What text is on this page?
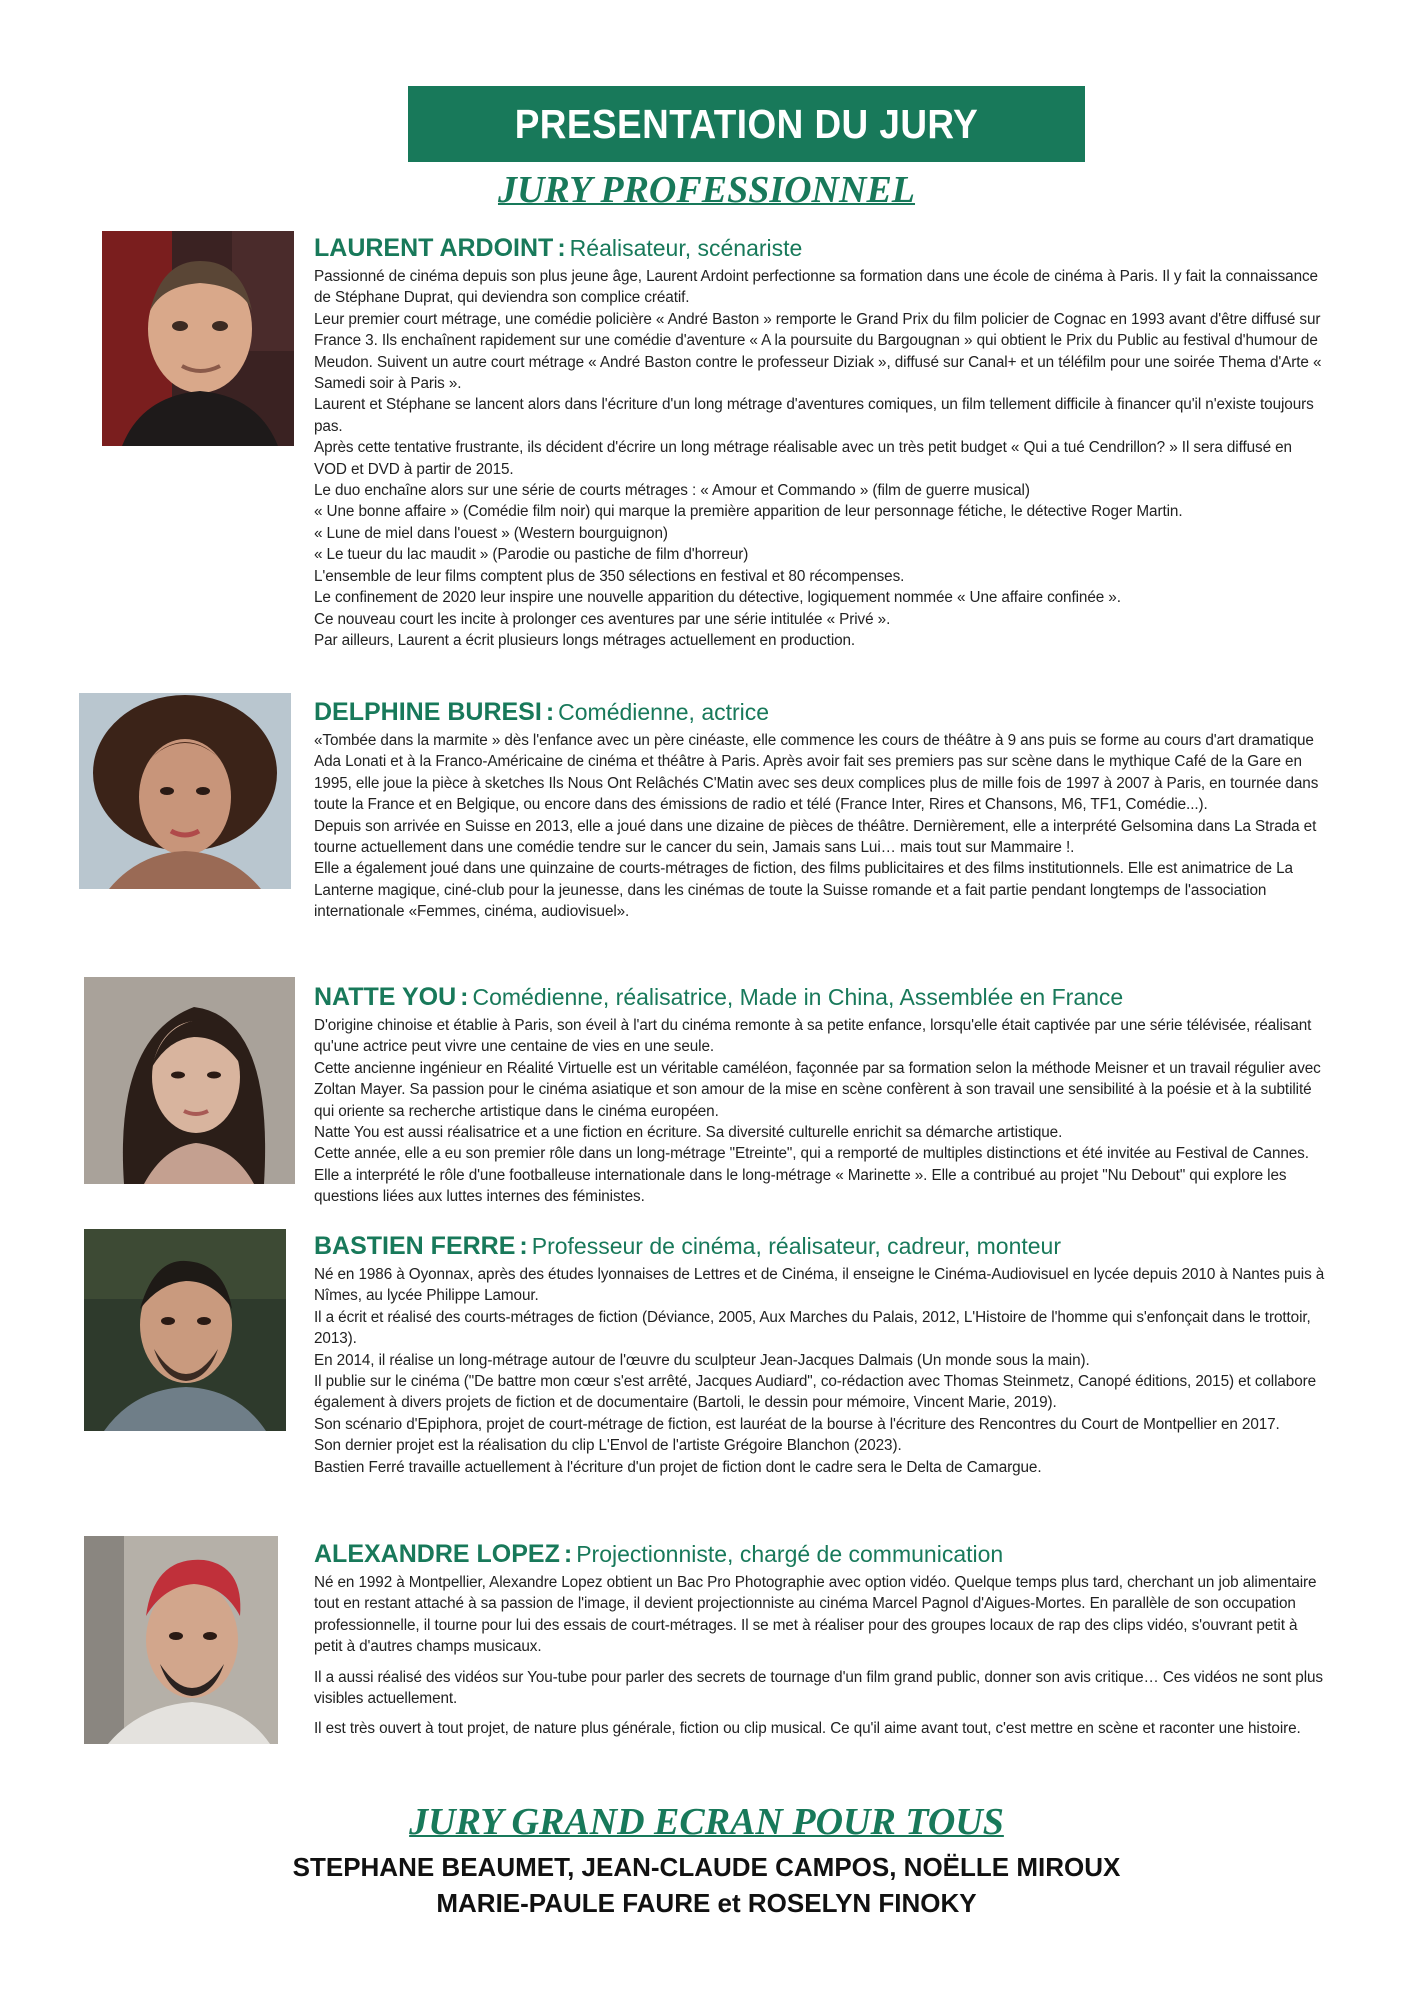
PRESENTATION DU JURY
JURY PROFESSIONNEL
LAURENT ARDOINT : Réalisateur, scénariste

Passionné de cinéma depuis son plus jeune âge, Laurent Ardoint perfectionne sa formation dans une école de cinéma à Paris. Il y fait la connaissance de Stéphane Duprat, qui deviendra son complice créatif.

Leur premier court métrage, une comédie policière « André Baston » remporte le Grand Prix du film policier de Cognac en 1993 avant d'être diffusé sur France 3. Ils enchaînent rapidement sur une comédie d'aventure « A la poursuite du Bargougnan » qui obtient le Prix du Public au festival d'humour de Meudon. Suivent un autre court métrage « André Baston contre le professeur Diziak », diffusé sur Canal+ et un téléfilm pour une soirée Thema d'Arte « Samedi soir à Paris ».

Laurent et Stéphane se lancent alors dans l'écriture d'un long métrage d'aventures comiques, un film tellement difficile à financer qu'il n'existe toujours pas.

Après cette tentative frustrante, ils décident d'écrire un long métrage réalisable avec un très petit budget « Qui a tué Cendrillon? » Il sera diffusé en VOD et DVD à partir de 2015.

Le duo enchaîne alors sur une série de courts métrages : « Amour et Commando » (film de guerre musical)

« Une bonne affaire » (Comédie film noir) qui marque la première apparition de leur personnage fétiche, le détective Roger Martin.

« Lune de miel dans l'ouest » (Western bourguignon)

« Le tueur du lac maudit » (Parodie ou pastiche de film d'horreur)

L'ensemble de leur films comptent plus de 350 sélections en festival et 80 récompenses.

Le confinement de 2020 leur inspire une nouvelle apparition du détective, logiquement nommée « Une affaire confinée ».

Ce nouveau court les incite à prolonger ces aventures par une série intitulée « Privé ».

Par ailleurs, Laurent a écrit plusieurs longs métrages actuellement en production.

DELPHINE BURESI : Comédienne, actrice

«Tombée dans la marmite » dès l'enfance avec un père cinéaste, elle commence les cours de théâtre à 9 ans puis se forme au cours d'art dramatique Ada Lonati et à la Franco-Américaine de cinéma et théâtre à Paris. Après avoir fait ses premiers pas sur scène dans le mythique Café de la Gare en 1995, elle joue la pièce à sketches Ils Nous Ont Relâchés C'Matin avec ses deux complices plus de mille fois de 1997 à 2007 à Paris, en tournée dans toute la France et en Belgique, ou encore dans des émissions de radio et télé (France Inter, Rires et Chansons, M6, TF1, Comédie...).

Depuis son arrivée en Suisse en 2013, elle a joué dans une dizaine de pièces de théâtre. Dernièrement, elle a interprété Gelsomina dans La Strada et tourne actuellement dans une comédie tendre sur le cancer du sein, Jamais sans Lui… mais tout sur Mammaire !.

Elle a également joué dans une quinzaine de courts-métrages de fiction, des films publicitaires et des films institutionnels. Elle est animatrice de La Lanterne magique, ciné-club pour la jeunesse, dans les cinémas de toute la Suisse romande et a fait partie pendant longtemps de l'association internationale «Femmes, cinéma, audiovisuel».

NATTE YOU : Comédienne, réalisatrice, Made in China, Assemblée en France

D'origine chinoise et établie à Paris, son éveil à l'art du cinéma remonte à sa petite enfance, lorsqu'elle était captivée par une série télévisée, réalisant qu'une actrice peut vivre une centaine de vies en une seule.

Cette ancienne ingénieur en Réalité Virtuelle est un véritable caméléon, façonnée par sa formation selon la méthode Meisner et un travail régulier avec Zoltan Mayer. Sa passion pour le cinéma asiatique et son amour de la mise en scène confèrent à son travail une sensibilité à la poésie et à la subtilité qui oriente sa recherche artistique dans le cinéma européen.

Natte You est aussi réalisatrice et a une fiction en écriture. Sa diversité culturelle enrichit sa démarche artistique.

Cette année, elle a eu son premier rôle dans un long-métrage "Etreinte", qui a remporté de multiples distinctions et été invitée au Festival de Cannes. Elle a interprété le rôle d'une footballeuse internationale dans le long-métrage « Marinette ». Elle a contribué au projet "Nu Debout" qui explore les questions liées aux luttes internes des féministes.

BASTIEN FERRE : Professeur de cinéma, réalisateur, cadreur, monteur

Né en 1986 à Oyonnax, après des études lyonnaises de Lettres et de Cinéma, il enseigne le Cinéma-Audiovisuel en lycée depuis 2010 à Nantes puis à Nîmes, au lycée Philippe Lamour.

Il a écrit et réalisé des courts-métrages de fiction (Déviance, 2005, Aux Marches du Palais, 2012, L'Histoire de l'homme qui s'enfonçait dans le trottoir, 2013).

En 2014, il réalise un long-métrage autour de l'œuvre du sculpteur Jean-Jacques Dalmais (Un monde sous la main).

Il publie sur le cinéma ("De battre mon cœur s'est arrêté, Jacques Audiard", co-rédaction avec Thomas Steinmetz, Canopé éditions, 2015) et collabore également à divers projets de fiction et de documentaire (Bartoli, le dessin pour mémoire, Vincent Marie, 2019).

Son scénario d'Epiphora, projet de court-métrage de fiction, est lauréat de la bourse à l'écriture des Rencontres du Court de Montpellier en 2017.

Son dernier projet est la réalisation du clip L'Envol de l'artiste Grégoire Blanchon (2023).

Bastien Ferré travaille actuellement à l'écriture d'un projet de fiction dont le cadre sera le Delta de Camargue.

ALEXANDRE LOPEZ : Projectionniste, chargé de communication

Né en 1992 à Montpellier, Alexandre Lopez obtient un Bac Pro Photographie avec option vidéo. Quelque temps plus tard, cherchant un job alimentaire tout en restant attaché à sa passion de l'image, il devient projectionniste au cinéma Marcel Pagnol d'Aigues-Mortes. En parallèle de son occupation professionnelle, il tourne pour lui des essais de court-métrages. Il se met à réaliser pour des groupes locaux de rap des clips vidéo, s'ouvrant petit à petit à d'autres champs musicaux.

Il a aussi réalisé des vidéos sur You-tube pour parler des secrets de tournage d'un film grand public, donner son avis critique… Ces vidéos ne sont plus visibles actuellement.

Il est très ouvert à tout projet, de nature plus générale, fiction ou clip musical. Ce qu'il aime avant tout, c'est mettre en scène et raconter une histoire.

JURY GRAND ECRAN POUR TOUS
STEPHANE BEAUMET, JEAN-CLAUDE CAMPOS, NOËLLE MIROUX
MARIE-PAULE FAURE et ROSELYN FINOKY
